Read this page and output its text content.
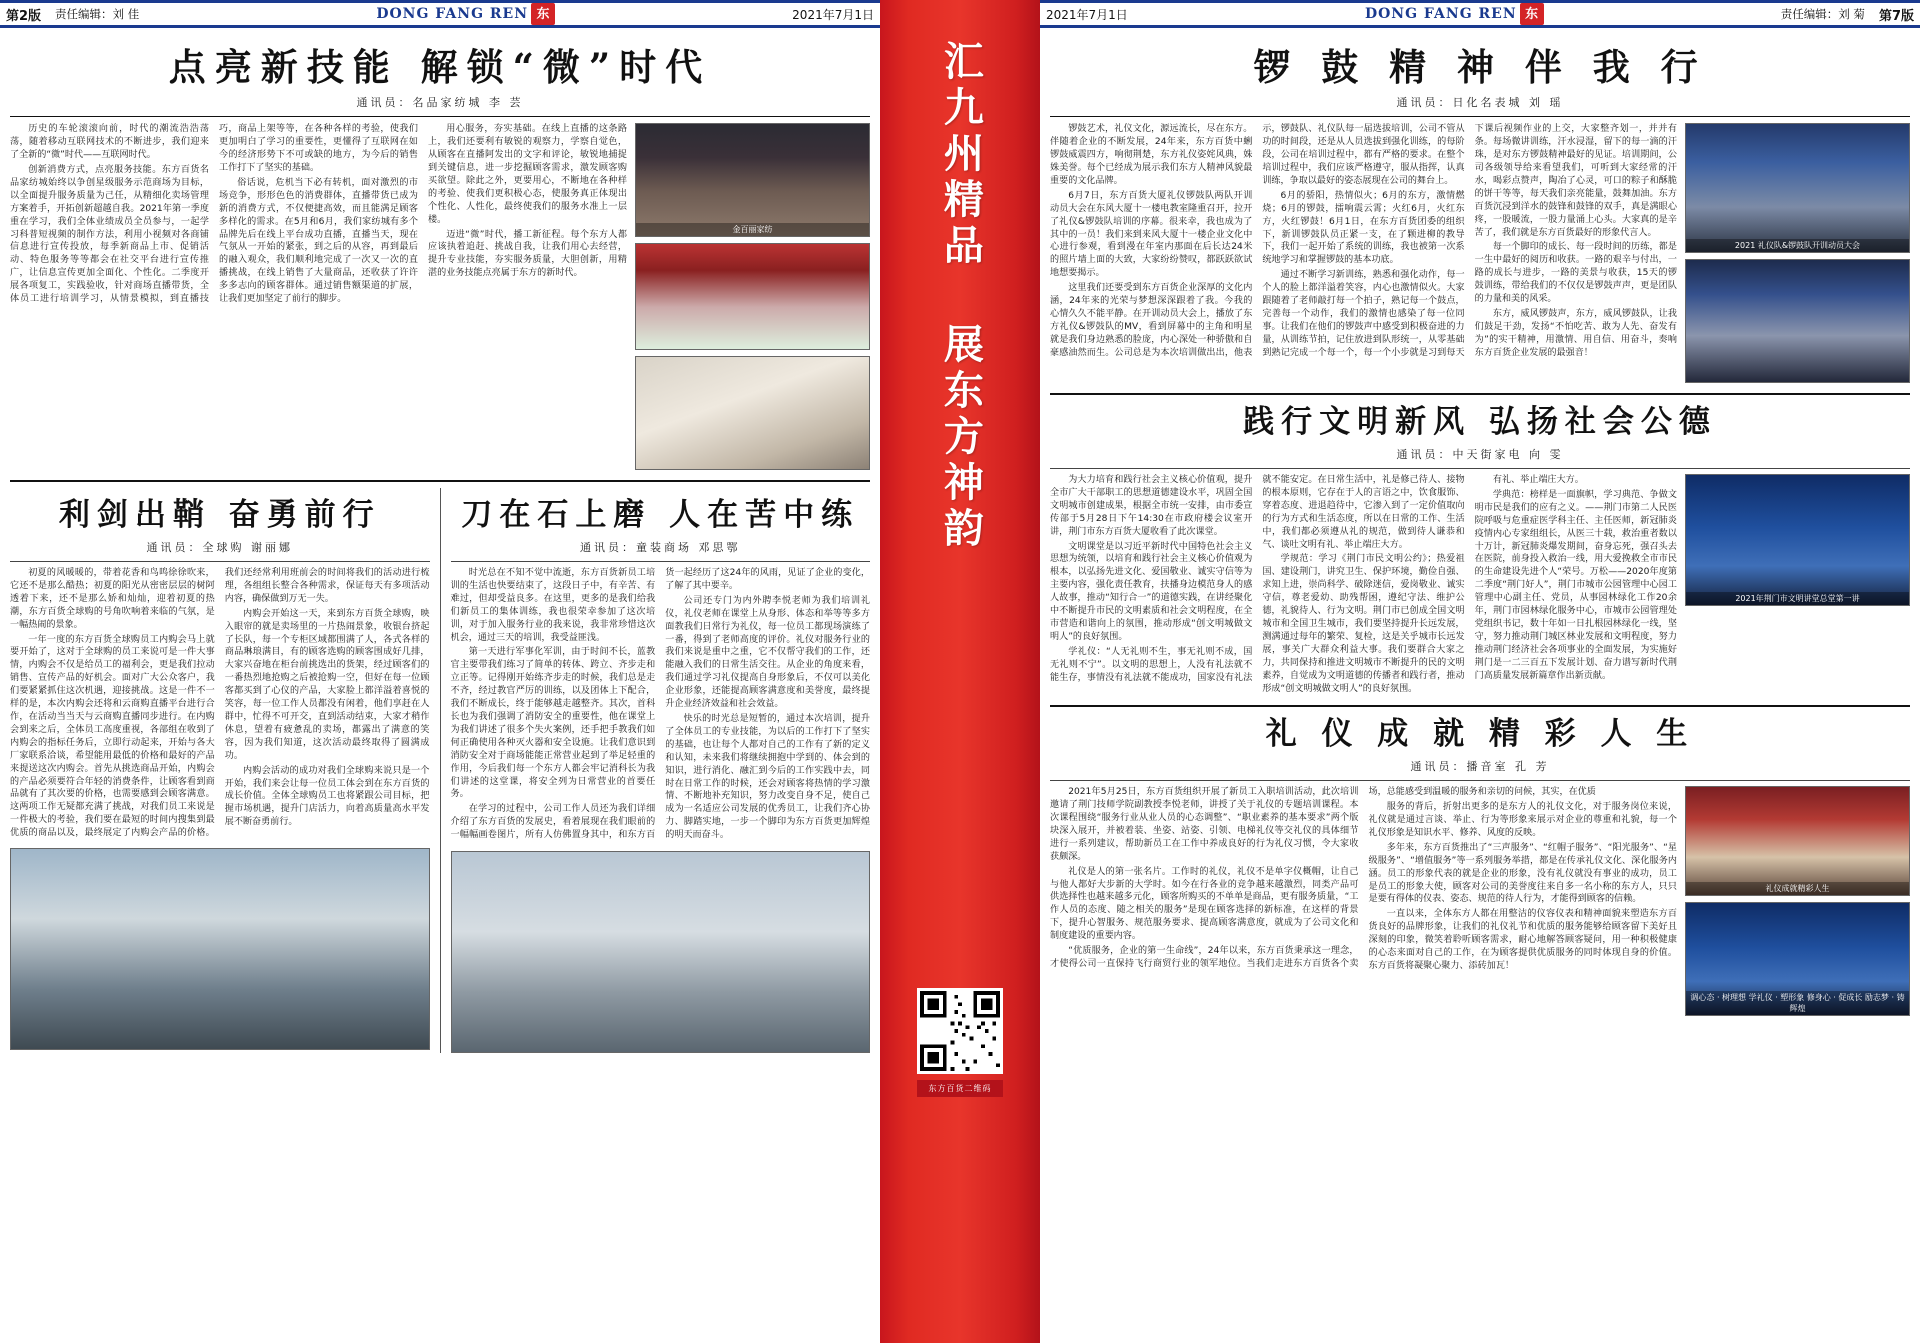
第2版 责任编辑：刘 佳	DONG FANG REN 东	2021年7月1日
点亮新技能 解锁“微”时代
通讯员：名品家纺城 李 芸

历史的车轮滚滚向前，时代的潮流浩浩荡荡，随着移动互联网技术的不断进步，我们迎来了全新的“微”时代——互联网时代。

创新消费方式，点亮服务技能。东方百货名品家纺城始终以争创星级服务示范商场为目标，以全面提升服务质量为己任，从精细化卖场管理方案着手，开拓创新超越自我。2021年第一季度重在学习，我们全体业绩成员全员参与，一起学习科普短视频的制作方法，利用小视频对各商铺信息进行宣传投放，每季新商品上市、促销活动、特色服务等等都会在社交平台进行宣传推广，让信息宣传更加全面化、个性化。二季度开展各项复工，实践验收，针对商场直播带货，全体员工进行培训学习，从情景模拟，到直播技巧，商品上架等等，在各种各样的考验，使我们更加明白了学习的重要性，更懂得了互联网在如今的经济形势下不可或缺的地方，为今后的销售工作打下了坚实的基础。

俗话说，危机当下必有转机，面对激烈的市场竞争，形形色色的消费群体，直播带货已成为新的消费方式，不仅便捷高效，而且能满足顾客多样化的需求。在5月和6月，我们家纺城有多个品牌先后在线上平台成功直播，直播当天，现在气氛从一开始的紧张，到之后的从容，再到最后的融入观众，我们顺利地完成了一次又一次的直播挑战，在线上销售了大量商品，还收获了许许多多志向的顾客群体。通过销售额渠道的扩展，让我们更加坚定了前行的脚步。

用心服务，夯实基础。在线上直播的这条路上，我们还要利有敏锐的观察力，学察自觉色，从顾客在直播阿发出的文字和评论，敏锐地捕捉到关键信息，进一步挖掘顾客需求，激发顾客购买欲望。除此之外，更要用心，不断地在各种样的考验、使我们更积极心态，使服务真正体现出个性化、人性化，最终使我们的服务水准上一层楼。

迈进“微”时代，播工新征程。每个东方人都应该执着追赶、挑战自我，让我们用心去经营，提升专业技能，夯实服务质量，大胆创新，用精湛的业务技能点亮属于东方的新时代。

金百丽家纺
利剑出鞘 奋勇前行
通讯员：全球购 谢丽娜

初夏的风暖暖的，带着花香和鸟鸣徐徐吹来，它还不是那么酷热；初夏的阳光从密密层层的树阿透着下来，还不是那么娇和灿灿，迎着初夏的热潮，东方百货全球购的号角吹响着来临的气氛，是一幅热闹的景象。

一年一度的东方百货全球购员工内购会马上就要开始了，这对于全球购的员工来说可是一件大事情，内购会不仅是给员工的福利会，更是我们拉动销售、宣传产品的好机会。面对广大公众客户，我们要紧紧抓住这次机遇，迎接挑战。这是一件不一样的是，本次内购会还将和云商购直播平台进行合作，在活动当当天与云商购直播同步进行。在内购会到来之后，全体员工高度重视，各部组在收到了内购会的指标任务后，立即行动起来，开始与各大厂家联系洽谈，希望能用最低的价格和最好的产品来提送这次内购会。首先从挑选商品开始，内购会的产品必须要符合年轻的消费条件，让顾客看到商品就有了其次要的价格，也需要感到会顾客满意。这两项工作无疑都充满了挑战，对我们员工来说是一件极大的考验，我们要在最短的时间内搜集到最优质的商品以及，最终展定了内购会产品的价格。我们还经常利用班前会的时间将我们的活动进行梳理，各组组长整合各种需求，保证每天有多项活动内容，确保做到万无一失。

内购会开始这一天，来到东方百货全球购，映入眼帘的就是卖场里的一片热闹景象，收银台挤起了长队，每一个专柜区域都围满了人，各式各样的商品琳琅满目，有的顾客选购的顾客围成好几排，大家兴奋地在柜台前挑选出的货架，经过顾客们的一番热烈地抢购之后被抢购一空，但好在每一位顾客都买到了心仪的产品，大家脸上都洋溢着喜悦的笑容，每一位工作人员都没有闲着，他们享赶在人群中，忙得不可开交，直到活动结束，大家才稍作休息，望着有疲惫乱的卖场，都露出了满意的笑容，因为我们知道，这次活动最终取得了圆满成功。

内购会活动的成功对我们全球购来说只是一个开始，我们来会让每一位员工体会到在东方百货的成长价值。全体全球购员工也将紧跟公司目标，把握市场机遇，提升门店活力，向着高质量高水平发展不断奋勇前行。

刀在石上磨 人在苦中练
通讯员：童装商场 邓思鄂

时光总在不知不觉中流逝，东方百货新员工培训的生活也快要结束了，这段日子中，有辛苦、有难过，但却受益良多。在这里，更多的是我们给我们新员工的集体训练，我也很荣幸参加了这次培训，对于加入服务行业的我来说，我非常珍惜这次机会，通过三天的培训，我受益匪浅。

第一天进行军事化军训，由于时间不长，蓝教官主要带我们练习了简单的转体、跨立、齐步走和立正等。记得刚开始练齐步走的时候，我们总是走不齐，经过教官严厉的训练，以及团体上下配合，我们不断成长，终于能够越走越整齐。其次，首科长也为我们强调了消防安全的重要性，他在课堂上为我们讲述了很多个失火案例，还手把手教我们如何正确使用各种灭火器和安全设施。让我们意识到消防安全对于商场能能正常营业起到了举足轻重的作用，今后我们每一个东方人都会牢记消科长为我们讲述的这堂课，将安全列为日常营业的首要任务。

在学习的过程中，公司工作人员还为我们详细介绍了东方百货的发展史，看着展现在我们眼前的一幅幅画卷图片，所有人仿佛置身其中，和东方百货一起经历了这24年的风雨，见证了企业的变化，了解了其中要辛。

公司还专门为内外聘李悦老师为我们培训礼仪，礼仪老师在课堂上从身形、体态和举等等多方面教我们日常行为礼仪，每一位员工都现场演练了一番，得到了老师高度的评价。礼仪对服务行业的我们来说是重中之重，它不仅帮守我们的工作，还能融入我们的日常生活交往。从企业的角度来看，我们通过学习礼仪提高自身形象后，不仅可以美化企业形象，还能提高顾客满意度和美誉度，最终提升企业经济效益和社会效益。

快乐的时光总是短暂的，通过本次培训，提升了全体员工的专业技能，为以后的工作打下了坚实的基础，也让每个人都对自己的工作有了新的定义和认知，未来我们将继续拥抱中学到的、体会到的知识，进行消化、融汇到今后的工作实践中去，同时在日常工作的时候，还会对顾客将热情的学习激情、不断地补充知识，努力改变自身不足，使自己成为一名适应公司发展的优秀员工，让我们齐心协力、脚踏实地，一步一个脚印为东方百货更加辉煌的明天而奋斗。

汇九州精品 展东方神韵
东方百货二维码
2021年7月1日	DONG FANG REN 东	责任编辑：刘 菊 第7版
锣 鼓 精 神 伴 我 行
通讯员：日化名表城 刘 瑶

锣鼓艺术，礼仪文化，源远流长，尽在东方。伴随着企业的不断发展，24年来，东方百货中蜊锣鼓威震四方，响彻荆楚，东方礼仪姿姹风典，姝姝美誉。每个已经成为展示我们东方人精神风貌最重要的文化品牌。

6月7日，东方百货大厦礼仪锣鼓队两队开训动员大会在东风大厦十一楼电教室隆重召开，拉开了礼仪&锣鼓队培训的序幕。很来幸，我也成为了其中的一员！我们来到来风大厦十一楼企业文化中心进行参观，看到漫在年室内那面在后长达24米的照片墙上面的大致，大家纷纷赞叹，都跃跃欲试地想要揭示。

这里我们还要受到东方百货企业深厚的文化内涵，24年来的光荣与梦想深深跟着了我。今我的心情久久不能平静。在开训动员大会上，播放了东方礼仪&锣鼓队的MV，看到屏幕中的主角和明星就是我们身边熟悉的脸庞，内心深处一种骄傲和自豪感油然而生。公司总是为本次培训做出出，他表示，锣鼓队、礼仪队每一届选拔培训，公司不管从功的时间段，还是从人员选拔到强化训练，的每阶段，公司在培训过程中，都有严格的要求。在整个培训过程中，我们应该严格遵守，服从指挥，认真训练，争取以最好的姿态展现在公司的舞台上。

6月的骄阳，热情似火；6月的东方，激情燃烧；6月的锣鼓，擂响震云霄；火红6月，火红东方，火红锣鼓！6月1日，在东方百货团委的组织下，新训锣鼓队员正紧一支，在了颗进柳的教导下，我们一起开始了系统的训练，我也被第一次系统地学习和掌握锣鼓的基本功底。

通过不断学习新训练，熟悉和强化动作，每一个人的脸上都洋溢着笑容，内心也激情似火。大家跟随着了老师敲打每一个拍子，熟记每一个鼓点，完善每一个动作，我们的激情也感染了每一位同事。让我们在他们的锣鼓声中感受到积极奋进的力量，从训练节拍，记住放进到队形统一，从零基础到熟记完成一个每一个，每一个小步就是习到每天下课后视频作业的上交，大家整齐划一，并并有条。每场微讲训练，汗水浸湿，留下的每一滴的汗珠，是对东方锣鼓精神最好的见证。培训期间，公司各级领导给来看望我们，可听到大家经常的汗水，喝彩点赞声，陶冶了心灵，可口的粽子和酥脆的饼干等等，每天我们亲亮能量，鼓舞加油。东方百货沉浸到洋水的鼓锋和鼓锋的双手，真是满眼心疼，一股暖流，一股力量涌上心头。大家真的是辛苦了，我们就是东方百货最好的形象代言人。

每一个脚印的成长、每一段时间的历练，都是一生中最好的阅历和收获。一路的艰辛与付出，一路的成长与进步，一路的美景与收获，15天的锣鼓训练，带给我们的不仅仅是锣鼓声声，更是团队的力量和美的风采。

东方，威风锣鼓声，东方，威风锣鼓队，让我们鼓足干劲，发扬“不怕吃苦、敢为人先、奋发有为”的实干精神，用激情、用自信、用奋斗，奏响东方百货企业发展的最强音！

2021 礼仪队&锣鼓队开训动员大会
践行文明新风 弘扬社会公德
通讯员：中天街家电 向 雯

为大力培育和践行社会主义核心价值观，提升全市广大干部职工的思想道德建设水平，巩固全国文明城市创建成果，根据全市统一安排，由市委宣传部于5月28日下午14:30在市政府楼会议室开讲，荆门市东方百货大厦收看了此次课堂。

文明课堂是以习近平新时代中国特色社会主义思想为统领，以培育和践行社会主义核心价值观为根本，以弘扬先进文化、爱国敬业、诚实守信等为主要内容，强化责任教育，扶播身边模范身人的感人故事，推动“知行合一”的道德实践，在讲经聚化中不断提升市民的文明素质和社会文明程度，在全市营造和谐向上的氛围，推动形成“创文明城做文明人”的良好氛围。

学礼仪：“人无礼则不生，事无礼则不成，国无礼则不宁”。以文明的思想上，人没有礼法就不能生存，事情没有礼法就不能成功，国家没有礼法就不能安定。在日常生活中，礼是修己待人、接物的根本原则，它存在于人的言语之中，饮食服饰、穿着态度、进退趋待中，它渗入到了一定价值取向的行为方式和生活态度，所以在日常的工作、生活中，我们都必须遵从礼的规范，做到待人谦恭和气、谈吐文明有礼、举止端庄大方。

学规范：学习《荆门市民文明公约》；热爱祖国、建设荆门，讲究卫生、保护环境，勤俭自强、求知上进，崇尚科学、破除迷信，爱岗敬业、诚实守信，尊老爱幼、助残帮困，遵纪守法、维护公德，礼貌待人、行为文明。荆门市已创成全国文明城市和全国卫生城市，我们要坚持提升长远发展，测满通过每年的繁荣、复检，这是关乎城市长远发展，事关广大群众利益大事。我们要群合大家之力，共同保持和推进文明城市不断提升的民的文明素养，自觉成为文明道德的传播者和践行者，推动形成“创文明城做文明人”的良好氛围。

有礼、举止端庄大方。

学典范：榜样是一面旗帜，学习典范、争做文明市民是我们的应有之义。——荆门市第二人民医院呼吸与危重症医学科主任、主任医师，新冠肺炎疫情内心专家组组长，从医三十载，救治重者数以十万计，新冠肺炎爆发期间，奋身忘死，强召头去在医院，前身投入救治一线，用大爱挽救全市市民的生命建设先进个人“荣号。万松——2020年度第二季度“荆门好人”，荆门市城市公园管理中心园工管理中心副主任、党员，从事园林绿化工作20余年，荆门市园林绿化服务中心，市城市公园管理处党组织书记，数十年如一日扎根园林绿化一线，坚守，努力推动荆门城区林业发展和文明程度，努力推动荆门经济社会各项事业的全面发展，为实施好荆门是一二三百五下发展计划、奋力谱写新时代荆门高质量发展新篇章作出新贡献。

2021年荆门市文明讲堂总堂第一讲
礼 仪 成 就 精 彩 人 生
通讯员：播音室 孔 芳

2021年5月25日，东方百货组织开展了新员工入职培训活动，此次培训邀请了荆门技师学院副教授李悦老师，讲授了关于礼仪的专题培训课程。本次课程围绕“服务行业从业人员的心态调整”、“职业素养的基本要求”两个版块深入展开，并被着装、坐姿、站姿、引领、电梯礼仪等交礼仪的具体细节进行一系列建议，帮助新员工在工作中养成良好的行为礼仪习惯，令大家收获颇深。

礼仪是人的第一张名片。工作时的礼仪，礼仪不是单字仪概帽，让自己与他人都好大步新的大学时。如今在行各业的竞争越来越激烈，同类产品可供选择性也越来越多元化，顾客所购买的不单单是商品，更有服务质量，“工作人员的态度、随之相关的服务”是现在顾客选择的新标准，在这样的背景下，提升心智服务、规范服务要求、提高顾客满意度，就成为了公司文化和制度建设的重要内容。

“优质服务，企业的第一生命线”，24年以来，东方百货秉承这一理念，才使得公司一直保持飞行商贸行业的领军地位。当我们走进东方百货各个卖场，总能感受到温暖的服务和亲切的问候，其实，在优质

服务的背后，折射出更多的是东方人的礼仪文化，对于服务岗位来说，礼仪就是通过言谈、举止、行为等形象来展示对企业的尊重和礼貌，每一个礼仪形象是知识水平、修养、风度的反映。

多年来，东方百货推出了“三声服务”、“红帽子服务”、“阳光服务”、“星级服务”、“增值服务”等一系列服务举措，都是在传承礼仪文化、深化服务内涵。员工的形象代表的就是企业的形象，没有礼仪就没有事业的成功，员工是员工的形象大使，顾客对公司的美誉度往来自多一名小称的东方人，只只是要有得体的仪表、姿态、规范的待人行为，才能得到顾客的信赖。

一直以来，全体东方人都在用整洁的仪容仪表和精神面貌来塑造东方百货良好的品牌形象，让我们的礼仪礼节和优质的服务能够给顾客留下美好且深刻的印象，微笑着聆听顾客需求，耐心地解答顾客疑问，用一种积极健康的心态来面对自己的工作，在为顾客提供优质服务的同时体现自身的价值。东方百货将凝聚心聚力、添砖加瓦！

礼仪成就精彩人生
调心态 · 树理想 学礼仪 · 塑形象 修身心 · 促成长 励志梦 · 铸辉煌
